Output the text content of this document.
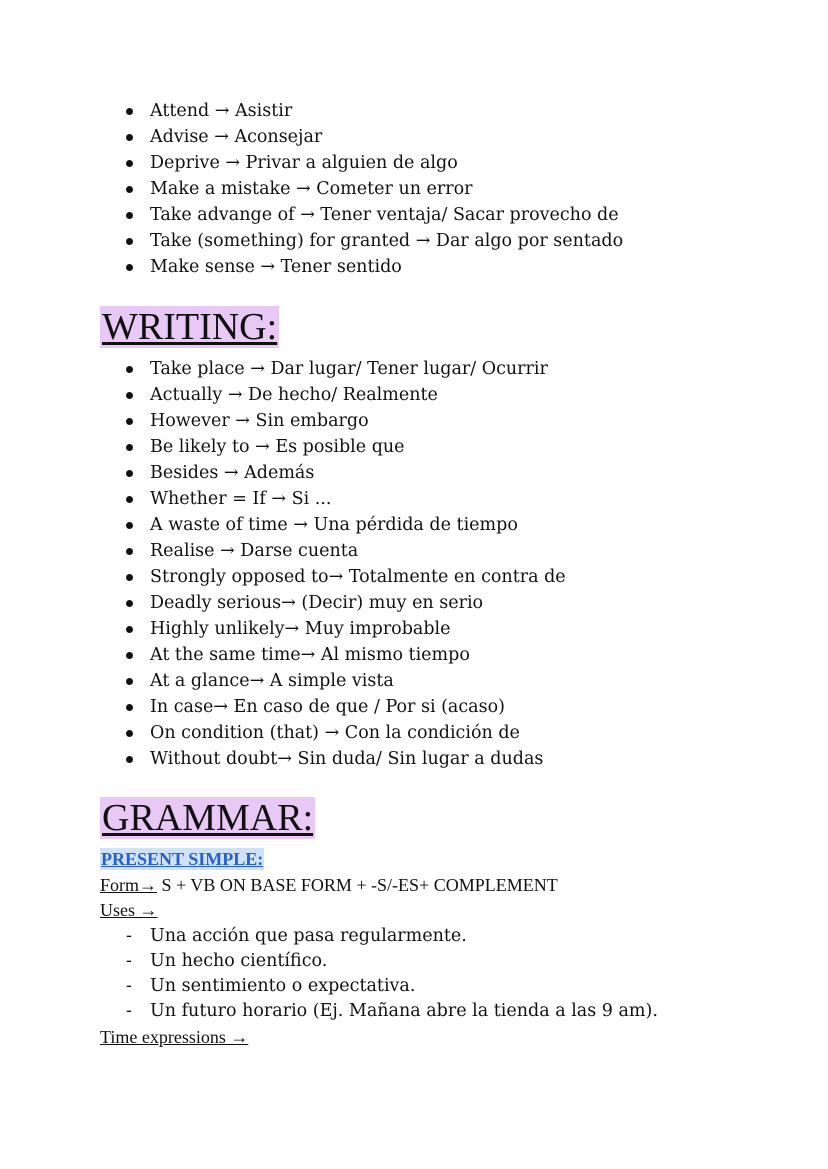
Attend → Asistir
Advise → Aconsejar
Deprive → Privar a alguien de algo
Make a mistake → Cometer un error
Take advange of → Tener ventaja/ Sacar provecho de
Take (something) for granted → Dar algo por sentado
Make sense → Tener sentido
WRITING:
Take place → Dar lugar/ Tener lugar/ Ocurrir
Actually → De hecho/ Realmente
However → Sin embargo
Be likely to → Es posible que
Besides → Además
Whether = If → Si ...
A waste of time → Una pérdida de tiempo
Realise → Darse cuenta
Strongly opposed to→ Totalmente en contra de
Deadly serious→ (Decir) muy en serio
Highly unlikely→ Muy improbable
At the same time→ Al mismo tiempo
At a glance→ A simple vista
In case→ En caso de que / Por si (acaso)
On condition (that) → Con la condición de
Without doubt→ Sin duda/ Sin lugar a dudas
GRAMMAR:
PRESENT SIMPLE:
Form→ S + VB ON BASE FORM + -S/-ES+ COMPLEMENT
Uses →
- Una acción que pasa regularmente.
- Un hecho científico.
- Un sentimiento o expectativa.
- Un futuro horario (Ej. Mañana abre la tienda a las 9 am).
Time expressions →
